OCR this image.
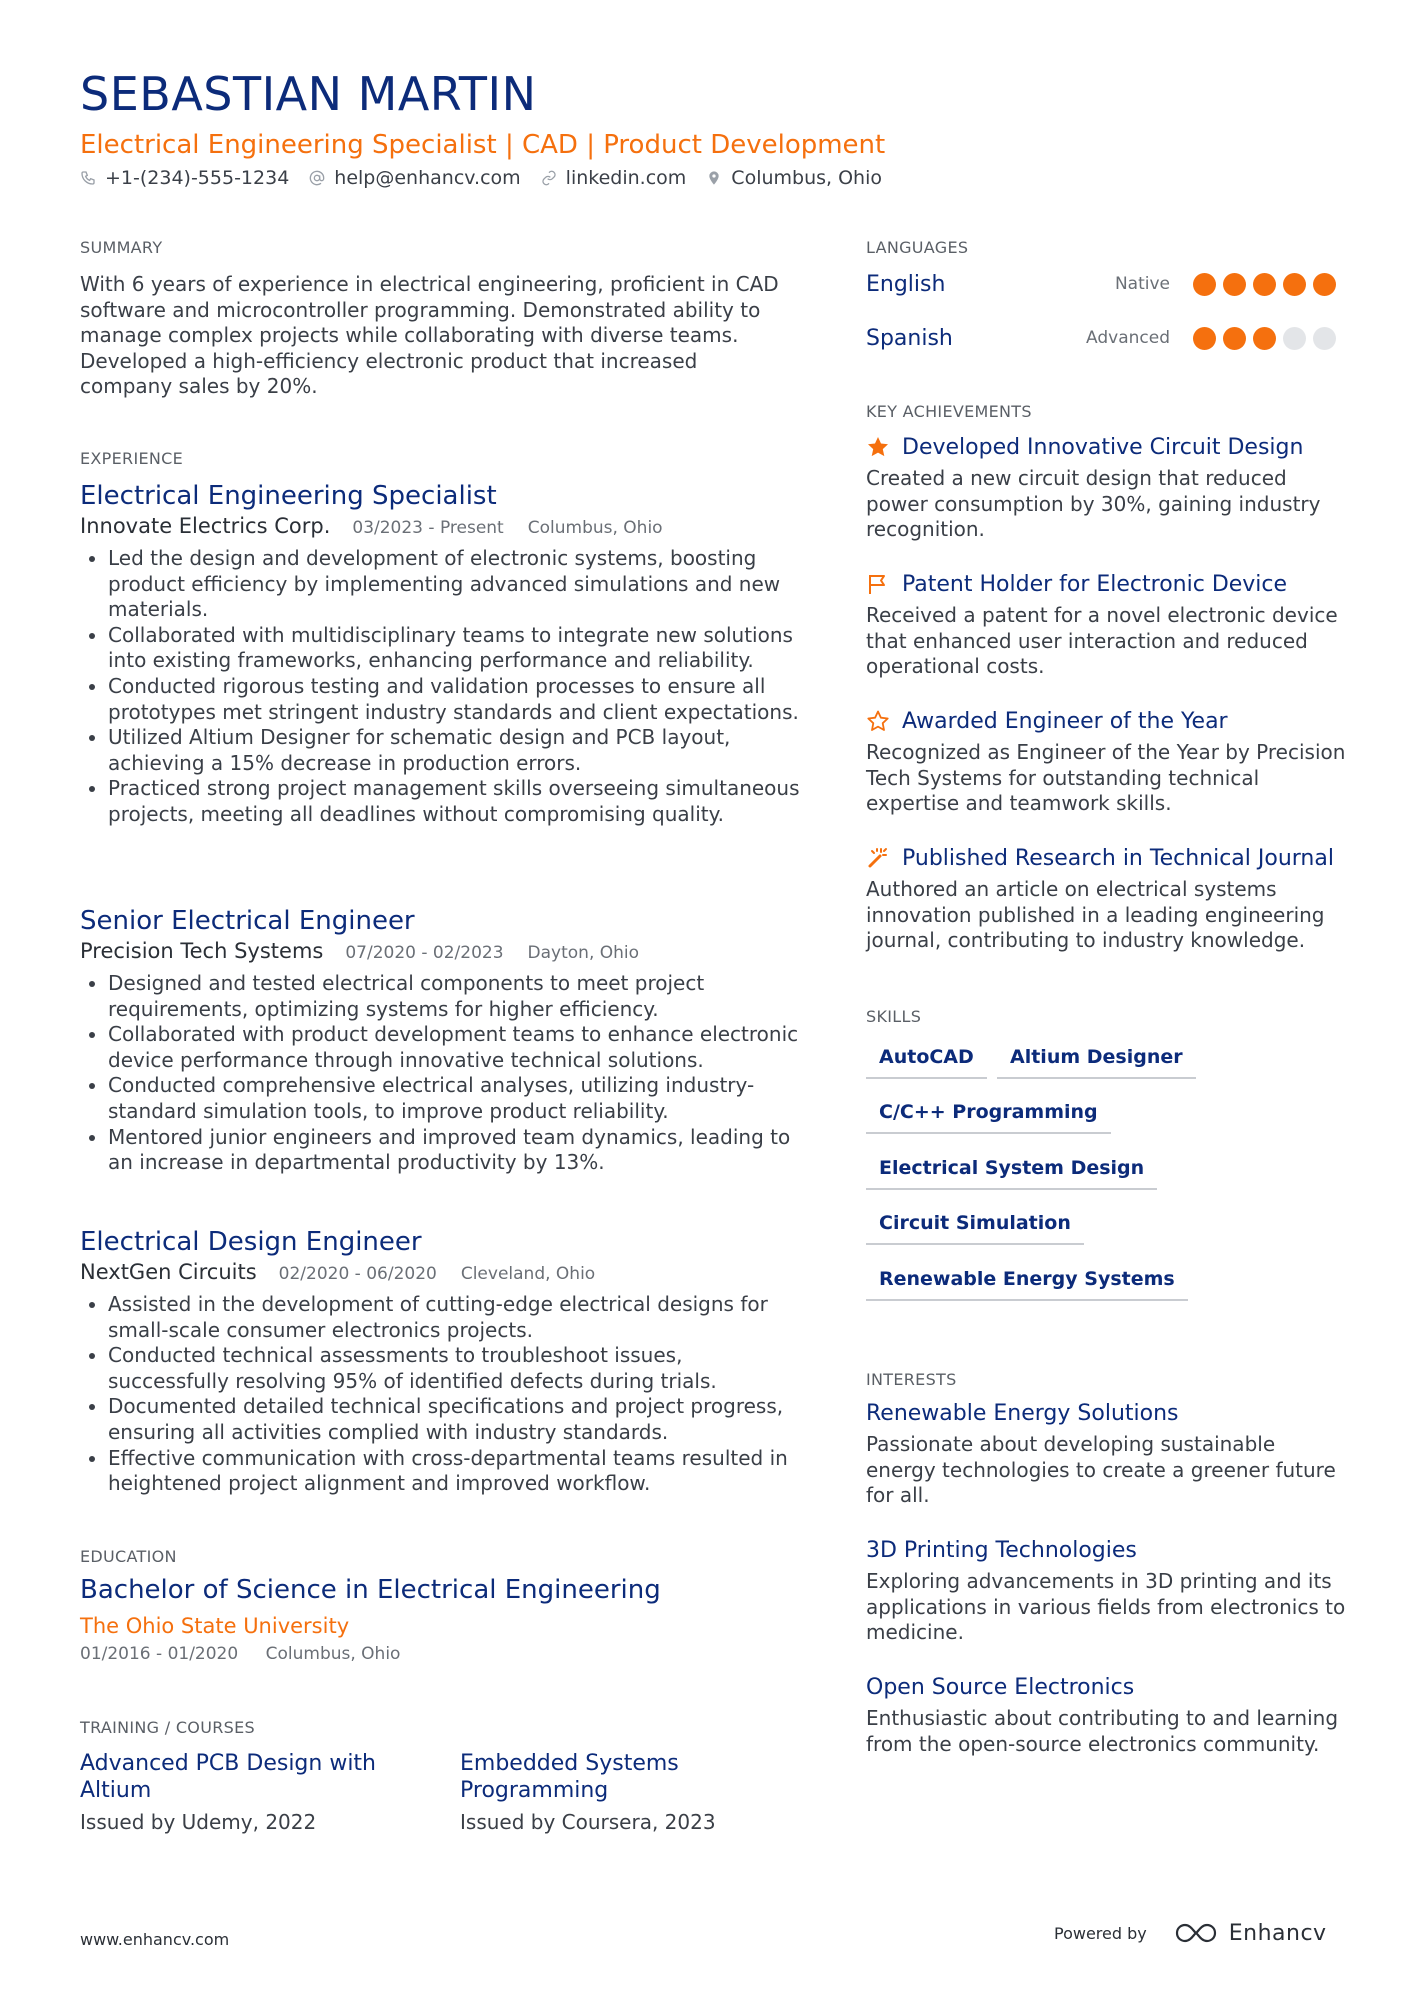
SEBASTIAN MARTIN
Electrical Engineering Specialist | CAD | Product Development
+1-(234)-555-1234 help@enhancv.com linkedin.com Columbus, Ohio
SUMMARY
With 6 years of experience in electrical engineering, proficient in CAD software and microcontroller programming. Demonstrated ability to manage complex projects while collaborating with diverse teams. Developed a high-efficiency electronic product that increased company sales by 20%.
EXPERIENCE
Electrical Engineering Specialist
Innovate Electrics Corp. 03/2023 - Present Columbus, Ohio
Led the design and development of electronic systems, boosting product efficiency by implementing advanced simulations and new materials.
Collaborated with multidisciplinary teams to integrate new solutions into existing frameworks, enhancing performance and reliability.
Conducted rigorous testing and validation processes to ensure all prototypes met stringent industry standards and client expectations.
Utilized Altium Designer for schematic design and PCB layout, achieving a 15% decrease in production errors.
Practiced strong project management skills overseeing simultaneous projects, meeting all deadlines without compromising quality.
Senior Electrical Engineer
Precision Tech Systems 07/2020 - 02/2023 Dayton, Ohio
Designed and tested electrical components to meet project requirements, optimizing systems for higher efficiency.
Collaborated with product development teams to enhance electronic device performance through innovative technical solutions.
Conducted comprehensive electrical analyses, utilizing industry-standard simulation tools, to improve product reliability.
Mentored junior engineers and improved team dynamics, leading to an increase in departmental productivity by 13%.
Electrical Design Engineer
NextGen Circuits 02/2020 - 06/2020 Cleveland, Ohio
Assisted in the development of cutting-edge electrical designs for small-scale consumer electronics projects.
Conducted technical assessments to troubleshoot issues, successfully resolving 95% of identified defects during trials.
Documented detailed technical specifications and project progress, ensuring all activities complied with industry standards.
Effective communication with cross-departmental teams resulted in heightened project alignment and improved workflow.
EDUCATION
Bachelor of Science in Electrical Engineering
The Ohio State University
01/2016 - 01/2020 Columbus, Ohio
TRAINING / COURSES
Advanced PCB Design with Altium
Issued by Udemy, 2022
Embedded Systems Programming
Issued by Coursera, 2023
LANGUAGES
English	Native
Spanish	Advanced
KEY ACHIEVEMENTS
Developed Innovative Circuit Design
Created a new circuit design that reduced power consumption by 30%, gaining industry recognition.
Patent Holder for Electronic Device
Received a patent for a novel electronic device that enhanced user interaction and reduced operational costs.
Awarded Engineer of the Year
Recognized as Engineer of the Year by Precision Tech Systems for outstanding technical expertise and teamwork skills.
Published Research in Technical Journal
Authored an article on electrical systems innovation published in a leading engineering journal, contributing to industry knowledge.
SKILLS
AutoCAD	Altium Designer
C/C++ Programming
Electrical System Design
Circuit Simulation
Renewable Energy Systems
INTERESTS
Renewable Energy Solutions
Passionate about developing sustainable energy technologies to create a greener future for all.
3D Printing Technologies
Exploring advancements in 3D printing and its applications in various fields from electronics to medicine.
Open Source Electronics
Enthusiastic about contributing to and learning from the open-source electronics community.
www.enhancv.com	Powered by	Enhancv
